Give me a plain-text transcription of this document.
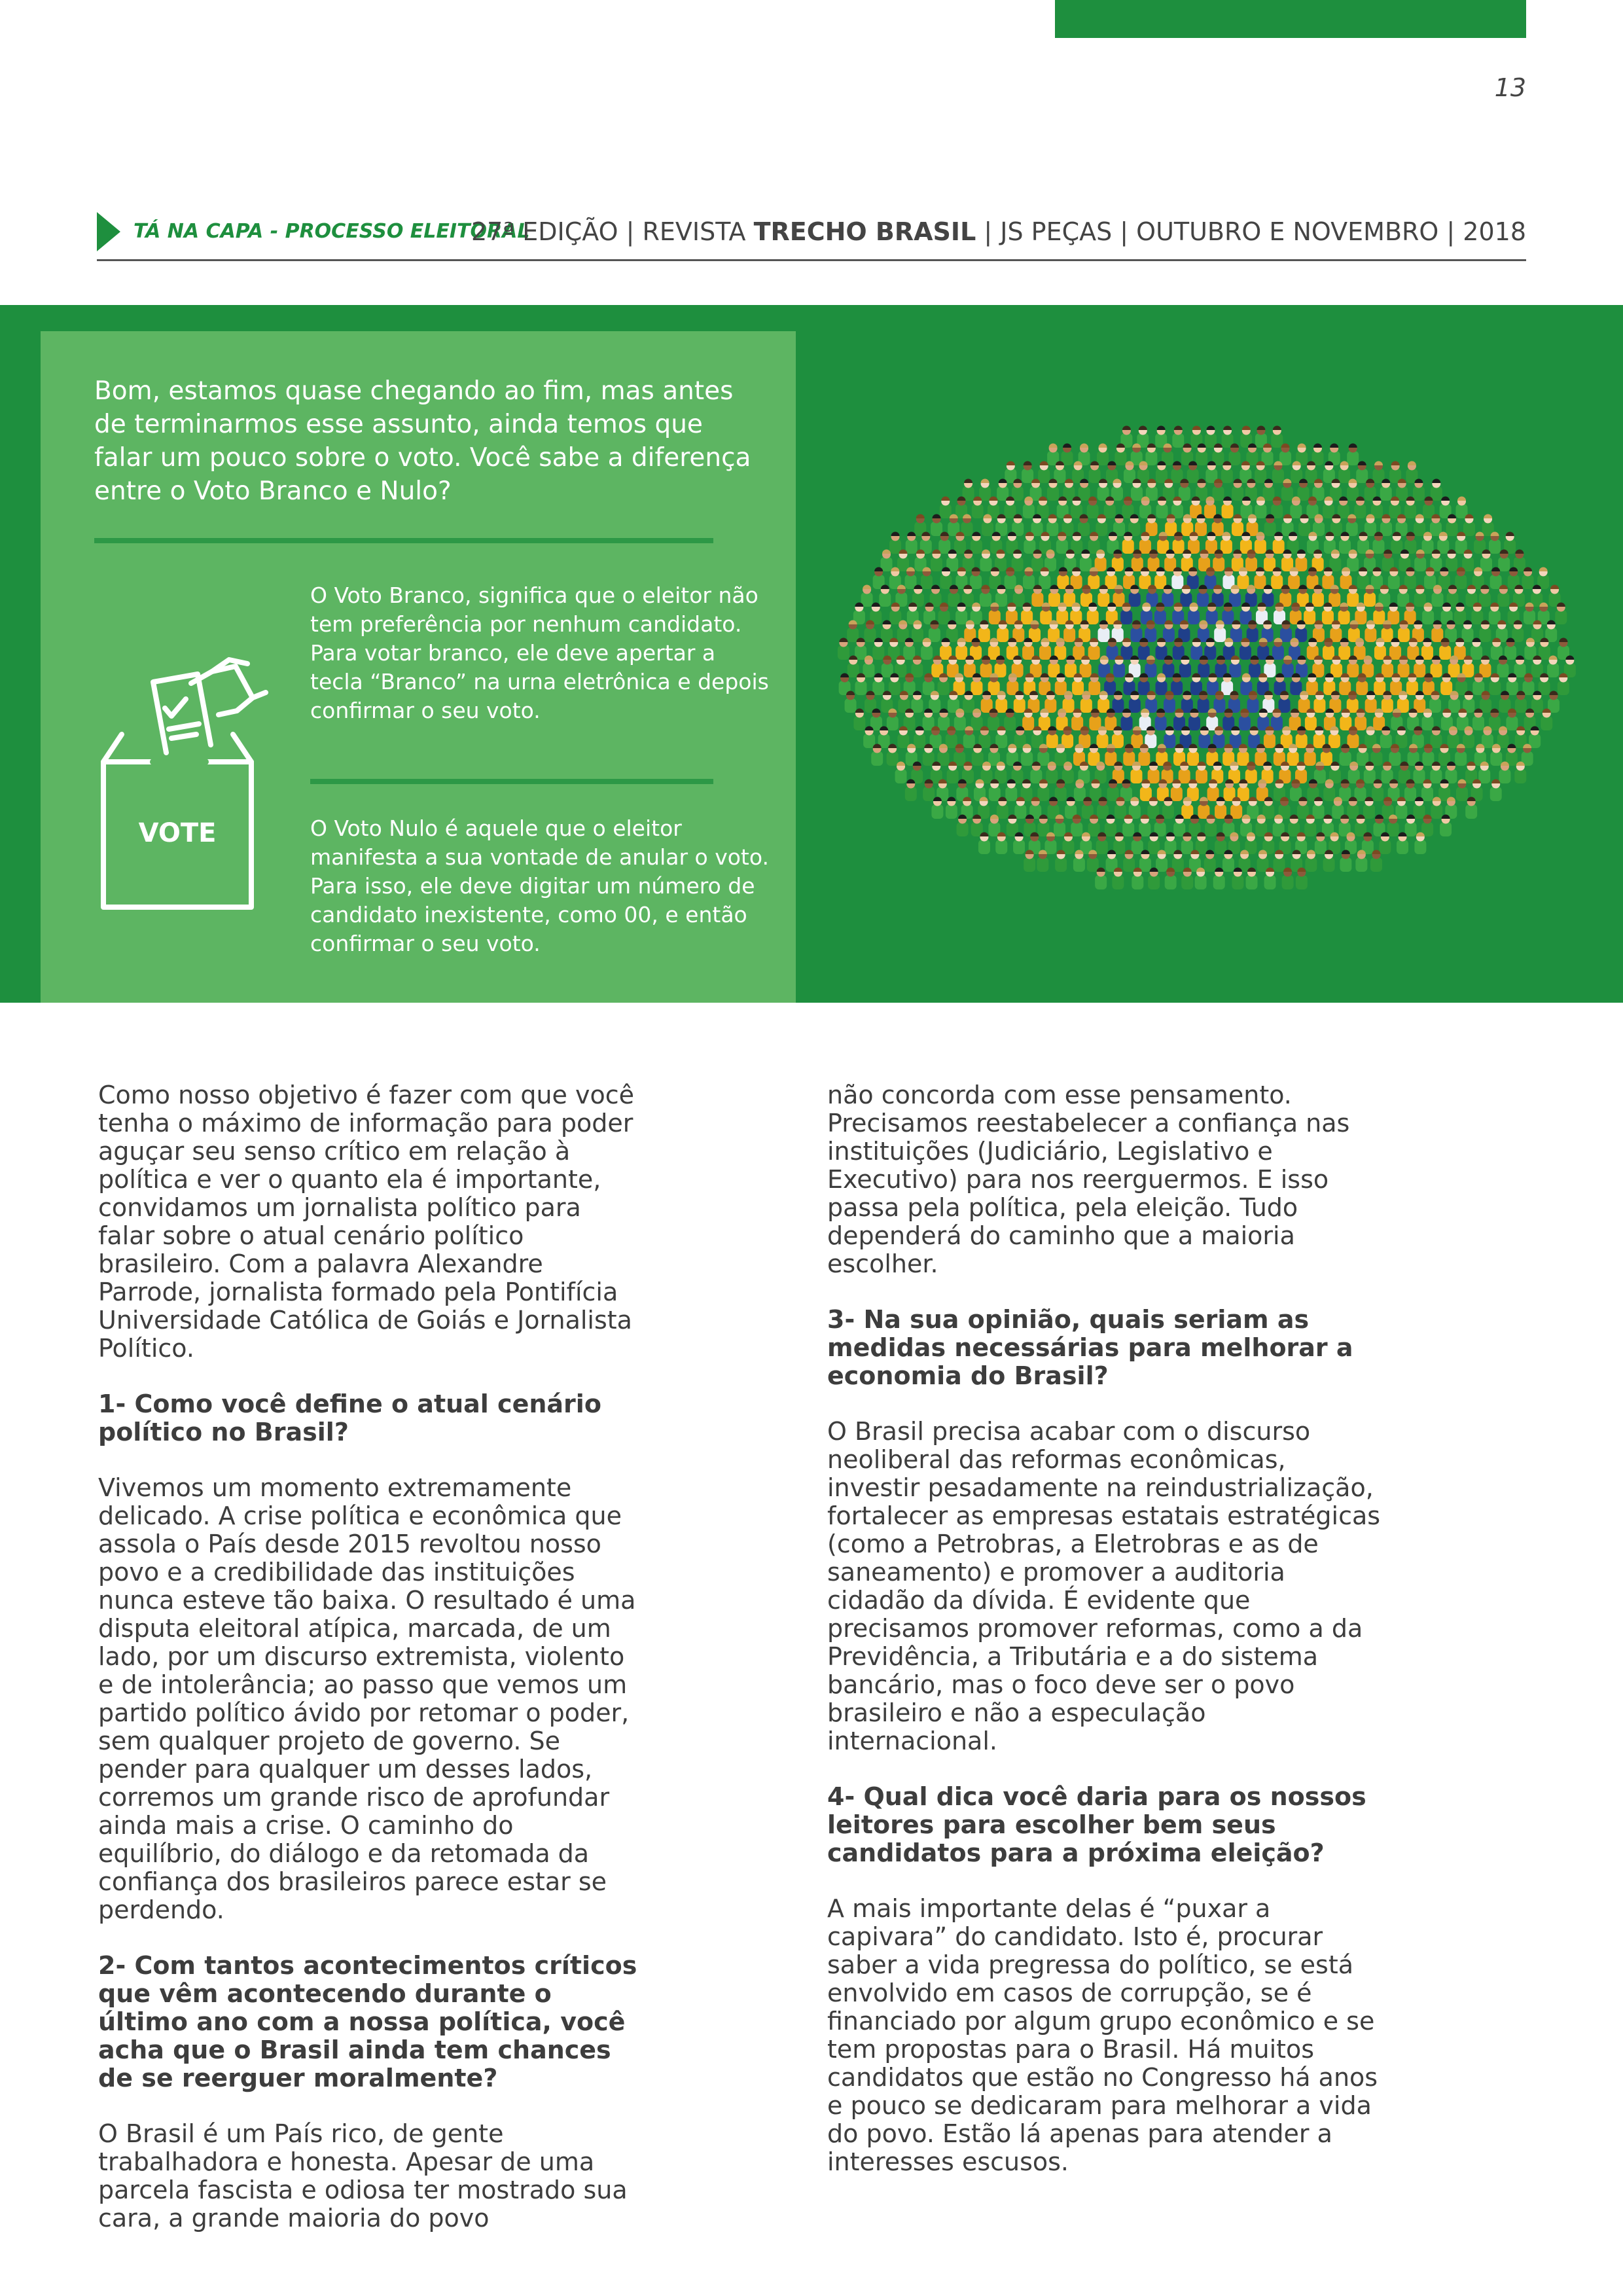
13
TÁ NA CAPA - PROCESSO ELEITORAL
27ª EDIÇÃO | REVISTA TRECHO BRASIL | JS PEÇAS | OUTUBRO E NOVEMBRO | 2018
Bom, estamos quase chegando ao fim, mas antes de terminarmos esse assunto, ainda temos que falar um pouco sobre o voto. Você sabe a diferença entre o Voto Branco e Nulo?
VOTE
O Voto Branco, significa que o eleitor não tem preferência por nenhum candidato. Para votar branco, ele deve apertar a tecla “Branco” na urna eletrônica e depois confirmar o seu voto.
O Voto Nulo é aquele que o eleitor manifesta a sua vontade de anular o voto. Para isso, ele deve digitar um número de candidato inexistente, como 00, e então confirmar o seu voto.

Como nosso objetivo é fazer com que você tenha o máximo de informação para poder aguçar seu senso crítico em relação à política e ver o quanto ela é importante, convidamos um jornalista político para falar sobre o atual cenário político brasileiro. Com a palavra Alexandre Parrode, jornalista formado pela Pontifícia Universidade Católica de Goiás e Jornalista Político.

1- Como você define o atual cenário político no Brasil?

Vivemos um momento extremamente delicado. A crise política e econômica que assola o País desde 2015 revoltou nosso povo e a credibilidade das instituições nunca esteve tão baixa. O resultado é uma disputa eleitoral atípica, marcada, de um lado, por um discurso extremista, violento e de intolerância; ao passo que vemos um partido político ávido por retomar o poder, sem qualquer projeto de governo. Se pender para qualquer um desses lados, corremos um grande risco de aprofundar ainda mais a crise. O caminho do equilíbrio, do diálogo e da retomada da confiança dos brasileiros parece estar se perdendo.

2- Com tantos acontecimentos críticos que vêm acontecendo durante o último ano com a nossa política, você acha que o Brasil ainda tem chances de se reerguer moralmente?

O Brasil é um País rico, de gente trabalhadora e honesta. Apesar de uma parcela fascista e odiosa ter mostrado sua cara, a grande maioria do povo

não concorda com esse pensamento. Precisamos reestabelecer a confiança nas instituições (Judiciário, Legislativo e Executivo) para nos reerguermos. E isso passa pela política, pela eleição. Tudo dependerá do caminho que a maioria escolher.

3- Na sua opinião, quais seriam as medidas necessárias para melhorar a economia do Brasil?

O Brasil precisa acabar com o discurso neoliberal das reformas econômicas, investir pesadamente na reindustrialização, fortalecer as empresas estatais estratégicas (como a Petrobras, a Eletrobras e as de saneamento) e promover a auditoria cidadão da dívida. É evidente que precisamos promover reformas, como a da Previdência, a Tributária e a do sistema bancário, mas o foco deve ser o povo brasileiro e não a especulação internacional.

4- Qual dica você daria para os nossos leitores para escolher bem seus candidatos para a próxima eleição?

A mais importante delas é “puxar a capivara” do candidato. Isto é, procurar saber a vida pregressa do político, se está envolvido em casos de corrupção, se é financiado por algum grupo econômico e se tem propostas para o Brasil. Há muitos candidatos que estão no Congresso há anos e pouco se dedicaram para melhorar a vida do povo. Estão lá apenas para atender a interesses escusos.
